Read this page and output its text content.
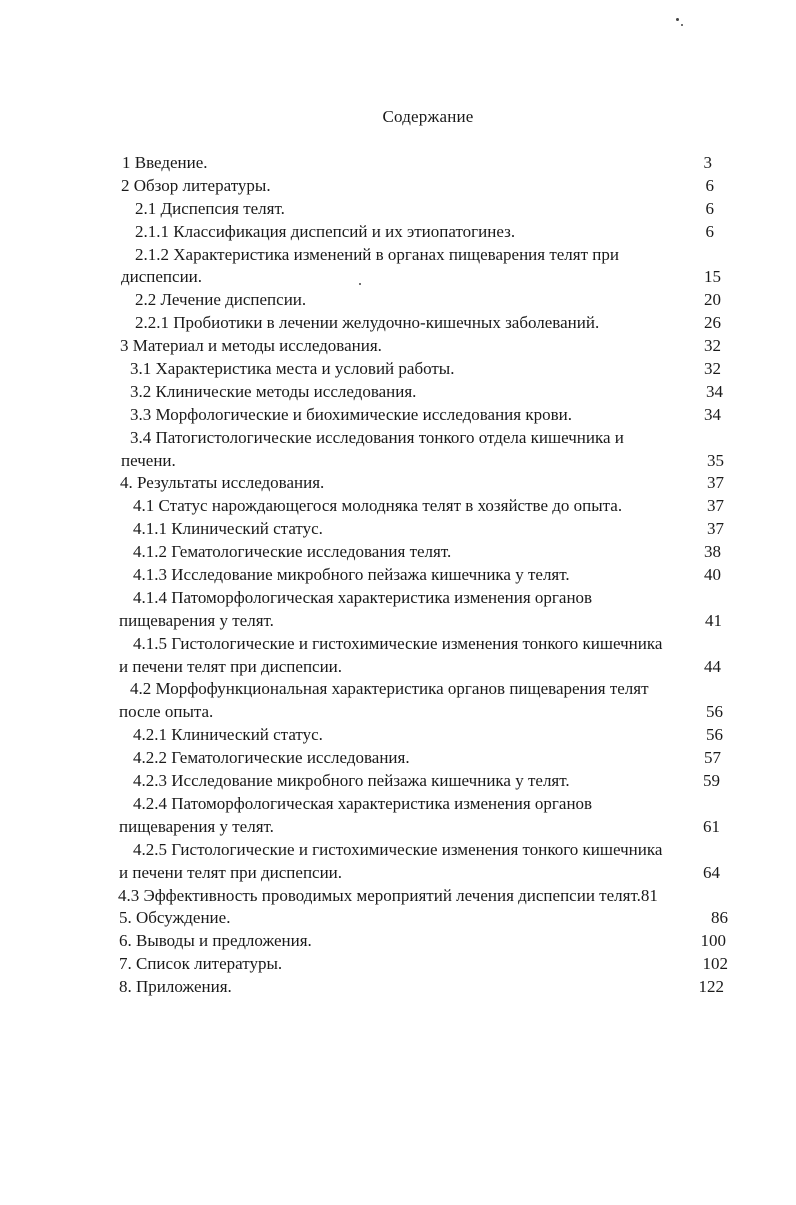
Содержание
1 Введение.	3
2 Обзор литературы.	6
2.1 Диспепсия телят.	6
2.1.1 Классификация диспепсий и их этиопатогинез.	6
2.1.2 Характеристика изменений в органах пищеварения телят при
диспепсии.	15
2.2 Лечение диспепсии.	20
2.2.1 Пробиотики в лечении желудочно-кишечных заболеваний.	26
3 Материал и методы исследования.	32
3.1 Характеристика места и условий работы.	32
3.2 Клинические методы исследования.	34
3.3 Морфологические и биохимические исследования крови.	34
3.4 Патогистологические исследования тонкого отдела кишечника и
печени.	35
4. Результаты исследования.	37
4.1 Статус нарождающегося молодняка телят в хозяйстве до опыта.	37
4.1.1 Клинический статус.	37
4.1.2 Гематологические исследования телят.	38
4.1.3 Исследование микробного пейзажа кишечника у телят.	40
4.1.4 Патоморфологическая характеристика изменения органов
пищеварения у телят.	41
4.1.5 Гистологические и гистохимические изменения тонкого кишечника
и печени телят при диспепсии.	44
4.2 Морфофункциональная характеристика органов пищеварения телят
после опыта.	56
4.2.1 Клинический статус.	56
4.2.2 Гематологические исследования.	57
4.2.3 Исследование микробного пейзажа кишечника у телят.	59
4.2.4 Патоморфологическая характеристика изменения органов
пищеварения у телят.	61
4.2.5 Гистологические и гистохимические изменения тонкого кишечника
и печени телят при диспепсии.	64
4.3 Эффективность проводимых мероприятий лечения диспепсии телят.81
5. Обсуждение.	86
6. Выводы и предложения.	100
7. Список литературы.	102
8. Приложения.	122
